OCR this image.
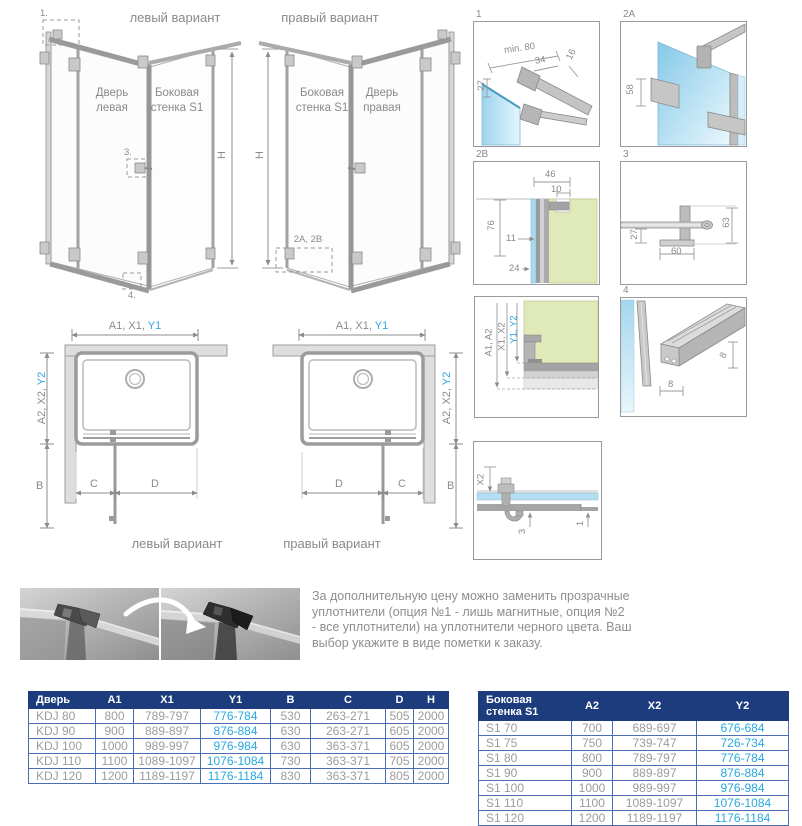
левый вариант
Дверь
левая
Боковая
стенка S1
H
1.
3.
4.
правый вариант
Боковая
стенка S1
Дверь
правая
H
2A, 2B
1
min. 80
34 16
27
2A
58
2B
46
10
76
11
24
3
63
27
60
A1, A2 X1, X2 Y1, Y2
4
8
8
X2
3
1
A1, X1, Y1
A2, X2, Y2
B	C	D
левый вариант
A1, X1, Y1
A2, X2, Y2
B
D	C
правый вариант
За дополнительную цену можно заменить прозрачные
уплотнители (опция №1 - лишь магнитные, опция №2
- все уплотнители) на уплотнители черного цвета. Ваш
выбор укажите в виде пометки к заказу.
Дверь	A1	X1	Y1	B	C	D	H
KDJ 80	800	789-797	776-784	530	263-271	505	2000
KDJ 90	900	889-897	876-884	630	263-271	605	2000
KDJ 100	1000	989-997	976-984	630	363-371	605	2000
KDJ 110	1100	1089-1097	1076-1084	730	363-371	705	2000
KDJ 120	1200	1189-1197	1176-1184	830	363-371	805	2000
Боковая стенка S1	A2	X2	Y2
S1 70	700	689-697	676-684
S1 75	750	739-747	726-734
S1 80	800	789-797	776-784
S1 90	900	889-897	876-884
S1 100	1000	989-997	976-984
S1 110	1100	1089-1097	1076-1084
S1 120	1200	1189-1197	1176-1184
